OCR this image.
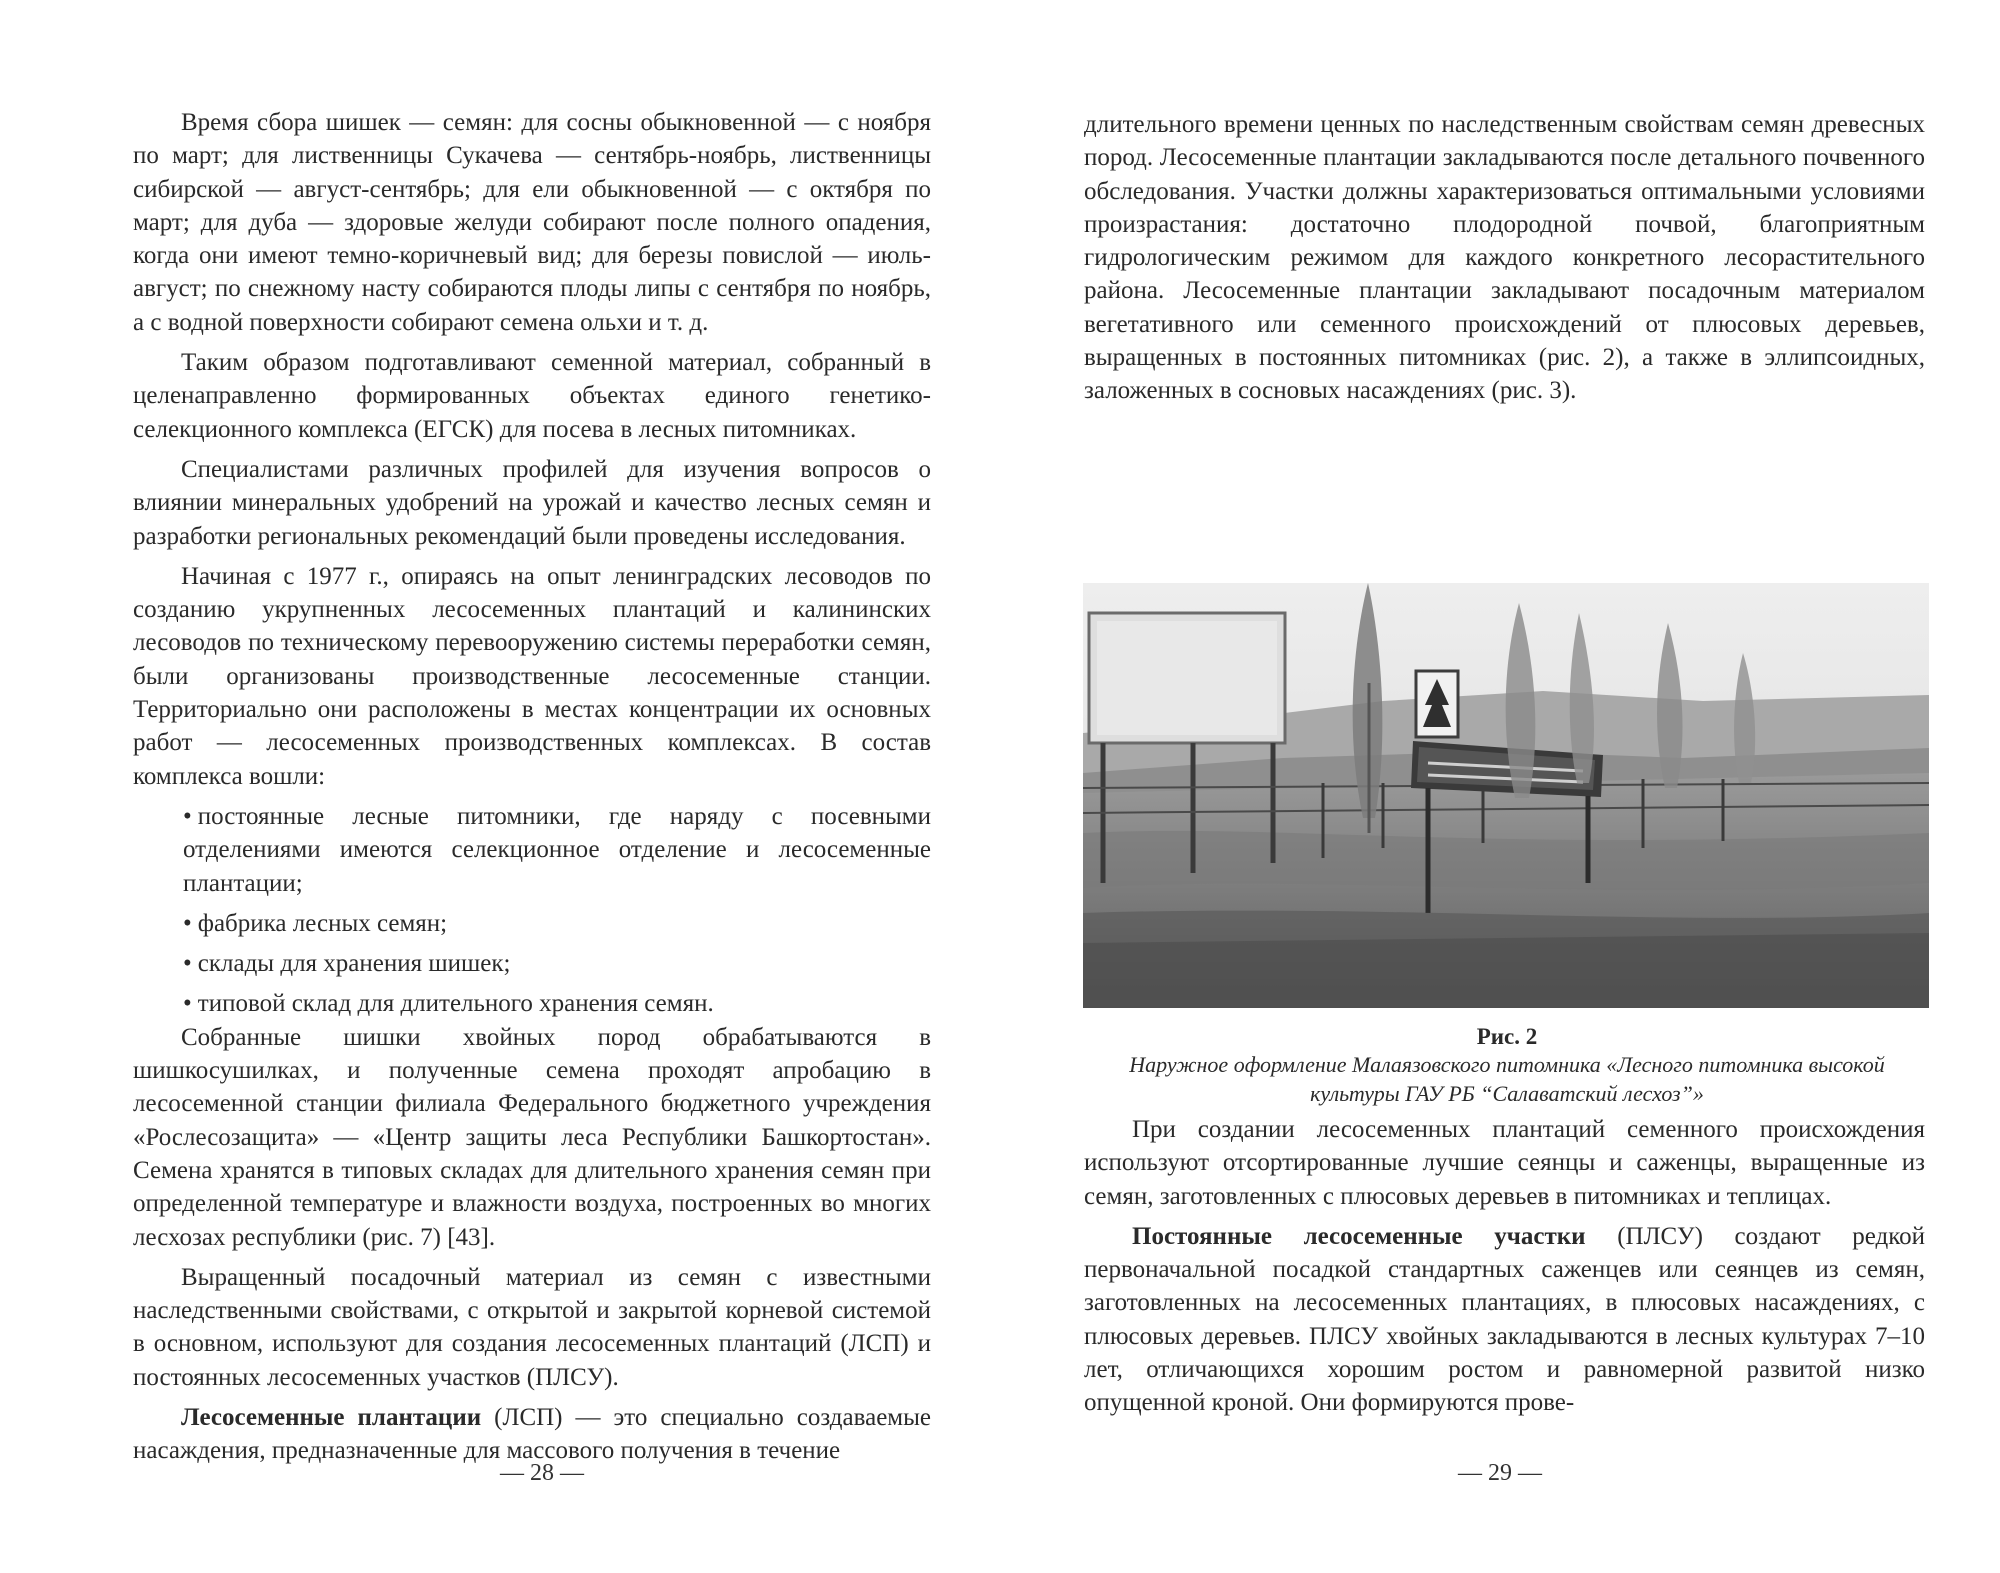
Время сбора шишек — семян: для сосны обыкновенной — с ноября по март; для лиственницы Сукачева — сентябрь-ноябрь, лиственницы сибирской — август-сентябрь; для ели обыкновенной — с октября по март; для дуба — здоровые желуди собирают после полного опадения, когда они имеют темно-коричневый вид; для березы повислой — июль-август; по снежному насту собираются плоды липы с сентября по ноябрь, а с водной поверхности собирают семена ольхи и т. д.

Таким образом подготавливают семенной материал, собранный в целенаправленно формированных объектах единого генетико-селекционного комплекса (ЕГСК) для посева в лесных питомниках.

Специалистами различных профилей для изучения вопросов о влиянии минеральных удобрений на урожай и качество лесных семян и разработки региональных рекомендаций были проведены исследования.

Начиная с 1977 г., опираясь на опыт ленинградских лесоводов по созданию укрупненных лесосеменных плантаций и калининских лесоводов по техническому перевооружению системы переработки семян, были организованы производственные лесосеменные станции. Территориально они расположены в местах концентрации их основных работ — лесосеменных производственных комплексах. В состав комплекса вошли:

• постоянные лесные питомники, где наряду с посевными отделениями имеются селекционное отделение и лесосеменные плантации;
• фабрика лесных семян;
• склады для хранения шишек;
• типовой склад для длительного хранения семян.

Собранные шишки хвойных пород обрабатываются в шишкосушилках, и полученные семена проходят апробацию в лесосеменной станции филиала Федерального бюджетного учреждения «Рослесозащита» — «Центр защиты леса Республики Башкортостан». Семена хранятся в типовых складах для длительного хранения семян при определенной температуре и влажности воздуха, построенных во многих лесхозах республики (рис. 7) [43].

Выращенный посадочный материал из семян с известными наследственными свойствами, с открытой и закрытой корневой системой в основном, используют для создания лесосеменных плантаций (ЛСП) и постоянных лесосеменных участков (ПЛСУ).

Лесосеменные плантации (ЛСП) — это специально создаваемые насаждения, предназначенные для массового получения в течение

— 28 —

длительного времени ценных по наследственным свойствам семян древесных пород. Лесосеменные плантации закладываются после детального почвенного обследования. Участки должны характеризоваться оптимальными условиями произрастания: достаточно плодородной почвой, благоприятным гидрологическим режимом для каждого конкретного лесорастительного района. Лесосеменные плантации закладывают посадочным материалом вегетативного или семенного происхождений от плюсовых деревьев, выращенных в постоянных питомниках (рис. 2), а также в эллипсоидных, заложенных в сосновых насаждениях (рис. 3).

Рис. 2
Наружное оформление Малаязовского питомника «Лесного питомника высокой культуры ГАУ РБ “Салаватский лесхоз”»

При создании лесосеменных плантаций семенного происхождения используют отсортированные лучшие сеянцы и саженцы, выращенные из семян, заготовленных с плюсовых деревьев в питомниках и теплицах.

Постоянные лесосеменные участки (ПЛСУ) создают редкой первоначальной посадкой стандартных саженцев или сеянцев из семян, заготовленных на лесосеменных плантациях, в плюсовых насаждениях, с плюсовых деревьев. ПЛСУ хвойных закладываются в лесных культурах 7–10 лет, отличающихся хорошим ростом и равномерной развитой низко опущенной кроной. Они формируются прове-

— 29 —
